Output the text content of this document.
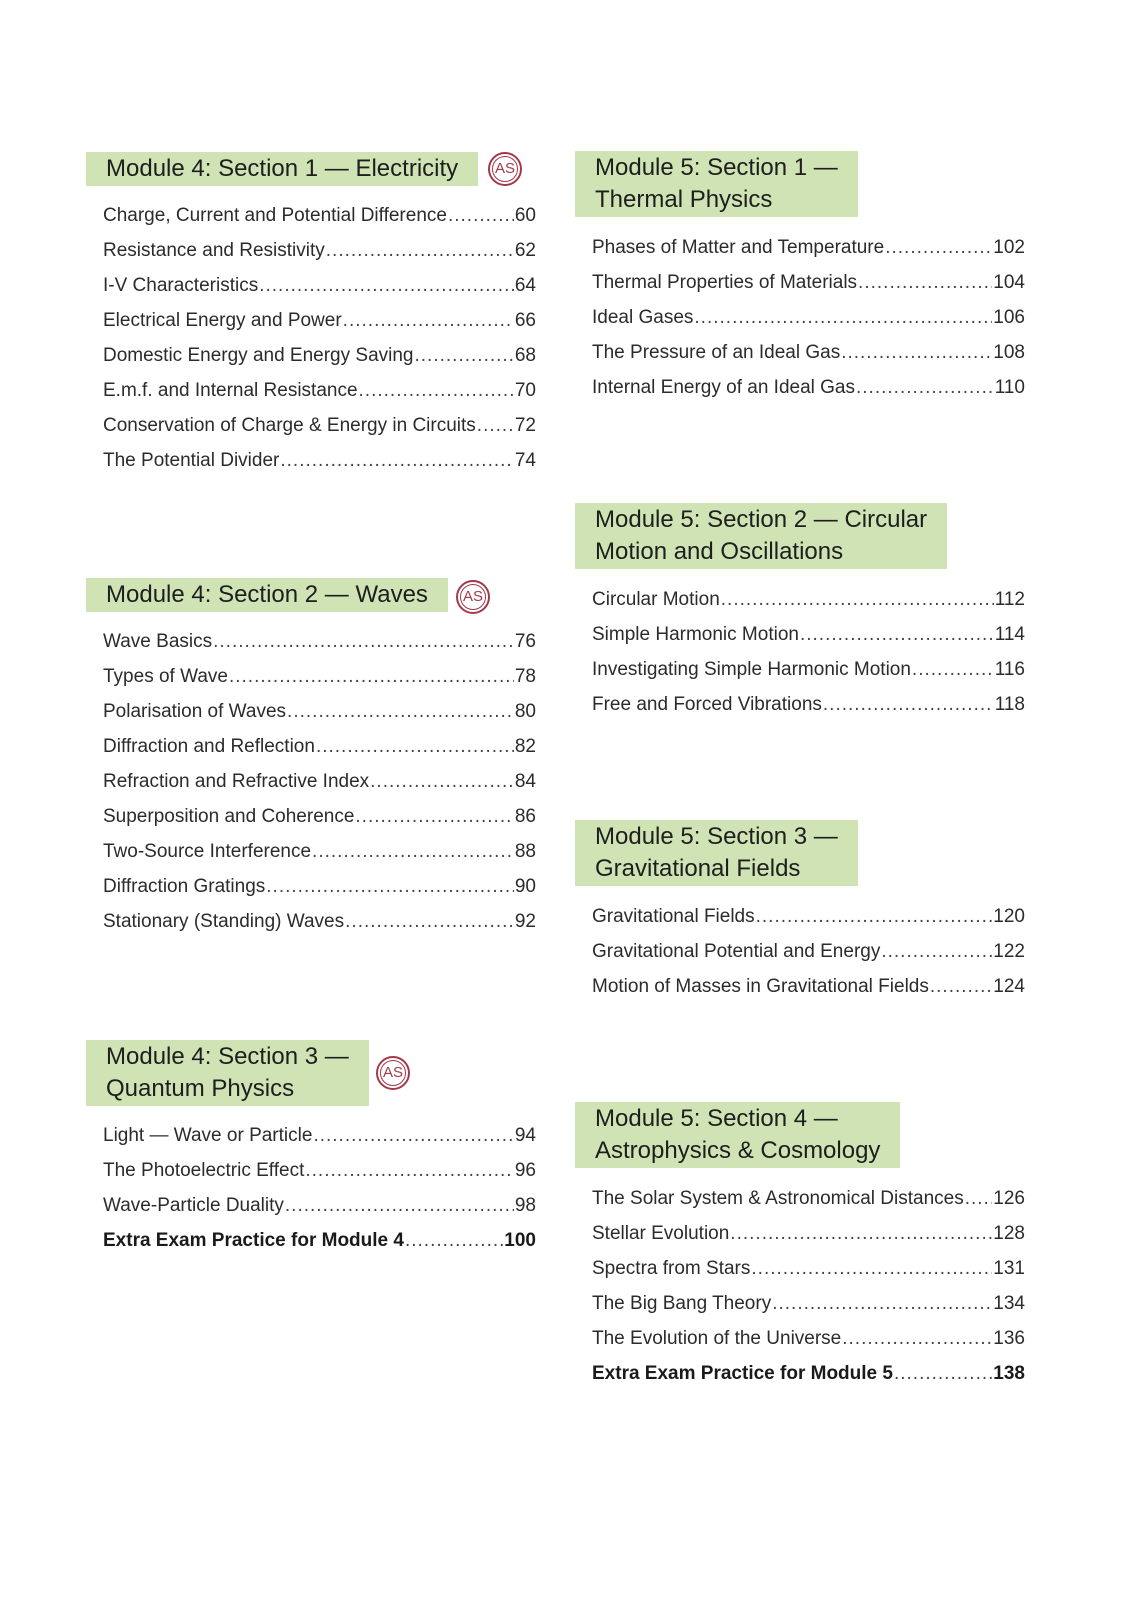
Module 4: Section 1 — Electricity	AS
Charge, Current and Potential Difference .....	60
Resistance and Resistivity .....	62
I-V Characteristics .....	64
Electrical Energy and Power .....	66
Domestic Energy and Energy Saving .....	68
E.m.f. and Internal Resistance .....	70
Conservation of Charge & Energy in Circuits ..... 72
The Potential Divider .....	74
Module 4: Section 2 — Waves	AS
Wave Basics .....	76
Types of Wave .....	78
Polarisation of Waves .....	80
Diffraction and Reflection .....	82
Refraction and Refractive Index .....	84
Superposition and Coherence .....	86
Two-Source Interference .....	88
Diffraction Gratings .....	90
Stationary (Standing) Waves .....	92
Module 4: Section 3 —
Quantum Physics
AS
Light — Wave or Particle .....	94
The Photoelectric Effect .....	96
Wave-Particle Duality .....	98
Extra Exam Practice for Module 4 .....	100
Module 5: Section 1 —
Thermal Physics
Phases of Matter and Temperature .....	102
Thermal Properties of Materials .....	104
Ideal Gases .....	106
The Pressure of an Ideal Gas .....	108
Internal Energy of an Ideal Gas .....	110
Module 5: Section 2 — Circular
Motion and Oscillations
Circular Motion .....	112
Simple Harmonic Motion .....	114
Investigating Simple Harmonic Motion .....	116
Free and Forced Vibrations .....	118
Module 5: Section 3 —
Gravitational Fields
Gravitational Fields .....	120
Gravitational Potential and Energy .....	122
Motion of Masses in Gravitational Fields .....	124
Module 5: Section 4 —
Astrophysics & Cosmology
The Solar System & Astronomical Distances ..... 126
Stellar Evolution .....	128
Spectra from Stars .....	131
The Big Bang Theory .....	134
The Evolution of the Universe .....	136
Extra Exam Practice for Module 5 .....	138
